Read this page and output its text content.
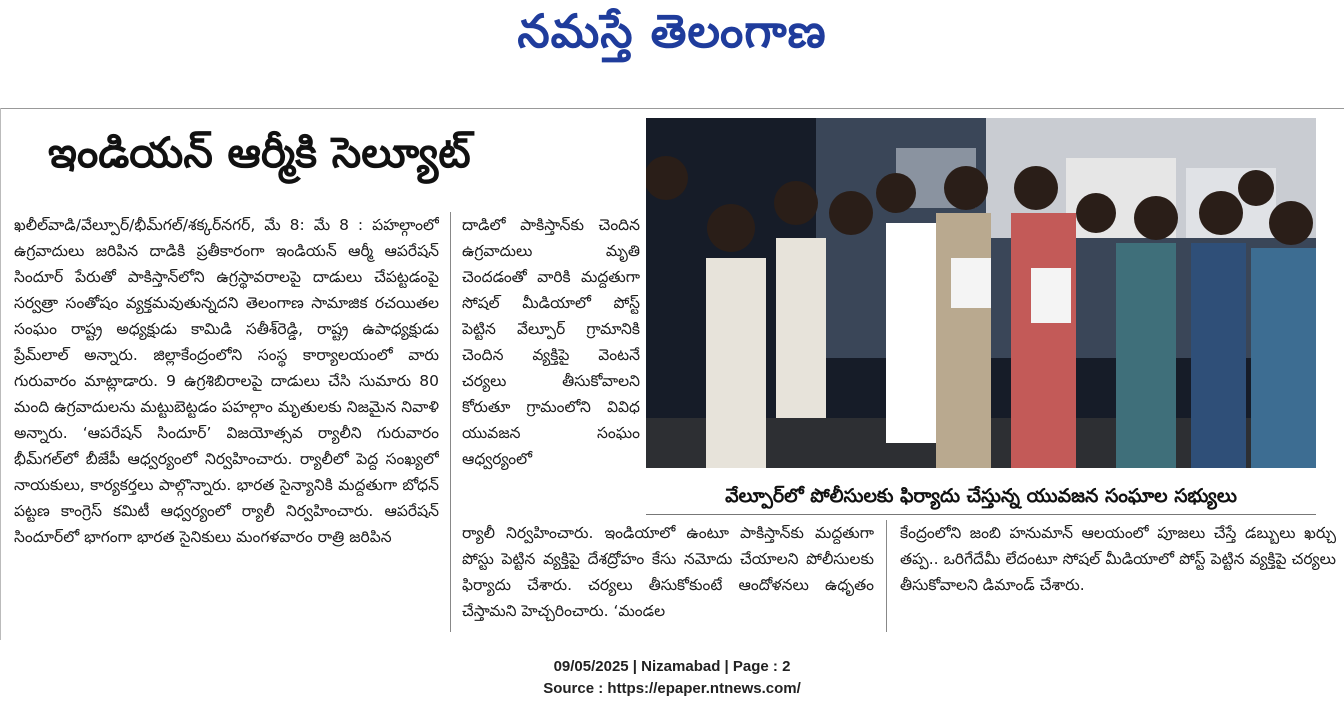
నమస్తే తెలంగాణ
ఇండియన్ ఆర్మీకి సెల్యూట్
ఖలీల్‌వాడి/వేల్పూర్/భీమ్‌గల్/శక్కర్‌నగర్, మే 8: మే 8 : పహల్గాంలో ఉగ్రవాదులు జరిపిన దాడికి ప్రతీకారంగా ఇండియన్ ఆర్మీ ఆపరేషన్ సిందూర్ పేరుతో పాకిస్తాన్‌లోని ఉగ్రస్థావరాలపై దాడులు చేపట్టడంపై సర్వత్రా సంతోషం వ్యక్తమవుతున్నదని తెలంగాణ సామాజిక రచయితల సంఘం రాష్ట్ర అధ్యక్షుడు కామిడి సతీశ్‌రెడ్డి, రాష్ట్ర ఉపాధ్యక్షుడు ప్రేమ్‌లాల్ అన్నారు. జిల్లాకేంద్రంలోని సంస్థ కార్యాలయంలో వారు గురువారం మాట్లాడారు. 9 ఉగ్రశిబిరాలపై దాడులు చేసి సుమారు 80 మంది ఉగ్రవాదులను మట్టుబెట్టడం పహల్గాం మృతులకు నిజమైన నివాళి అన్నారు. ‘ఆపరేషన్ సిందూర్’ విజయోత్సవ ర్యాలీని గురువారం భీమ్‌గల్‌లో బీజేపీ ఆధ్వర్యంలో నిర్వహించారు. ర్యాలీలో పెద్ద సంఖ్యలో నాయకులు, కార్యకర్తలు పాల్గొన్నారు. భారత సైన్యానికి మద్దతుగా బోధన్ పట్టణ కాంగ్రెస్ కమిటీ ఆధ్వర్యంలో ర్యాలీ నిర్వహించారు. ఆపరేషన్ సిందూర్‌లో భాగంగా భారత సైనికులు మంగళవారం రాత్రి జరిపిన
దాడిలో పాకిస్తాన్‌కు చెందిన ఉగ్రవాదులు మృతి చెందడంతో వారికి మద్దతుగా సోషల్ మీడియాలో పోస్ట్ పెట్టిన వేల్పూర్ గ్రామానికి చెందిన వ్యక్తిపై వెంటనే చర్యలు తీసుకోవాలని కోరుతూ గ్రామంలోని వివిధ యువజన సంఘం ఆధ్వర్యంలో
ర్యాలీ నిర్వహించారు. ఇండియాలో ఉంటూ పాకిస్తాన్‌కు మద్దతుగా పోస్టు పెట్టిన వ్యక్తిపై దేశద్రోహం కేసు నమోదు చేయాలని పోలీసులకు ఫిర్యాదు చేశారు. చర్యలు తీసుకోకుంటే ఆందోళనలు ఉధృతం చేస్తామని హెచ్చరించారు. ‘మండల
కేంద్రంలోని జంబి హనుమాన్ ఆలయంలో పూజలు చేస్తే డబ్బులు ఖర్చు తప్ప.. ఒరిగేదేమీ లేదంటూ సోషల్ మీడియాలో పోస్ట్ పెట్టిన వ్యక్తిపై చర్యలు తీసుకోవాలని డిమాండ్ చేశారు.
వేల్పూర్‌లో పోలీసులకు ఫిర్యాదు చేస్తున్న యువజన సంఘాల సభ్యులు
09/05/2025 | Nizamabad | Page : 2
Source : https://epaper.ntnews.com/
